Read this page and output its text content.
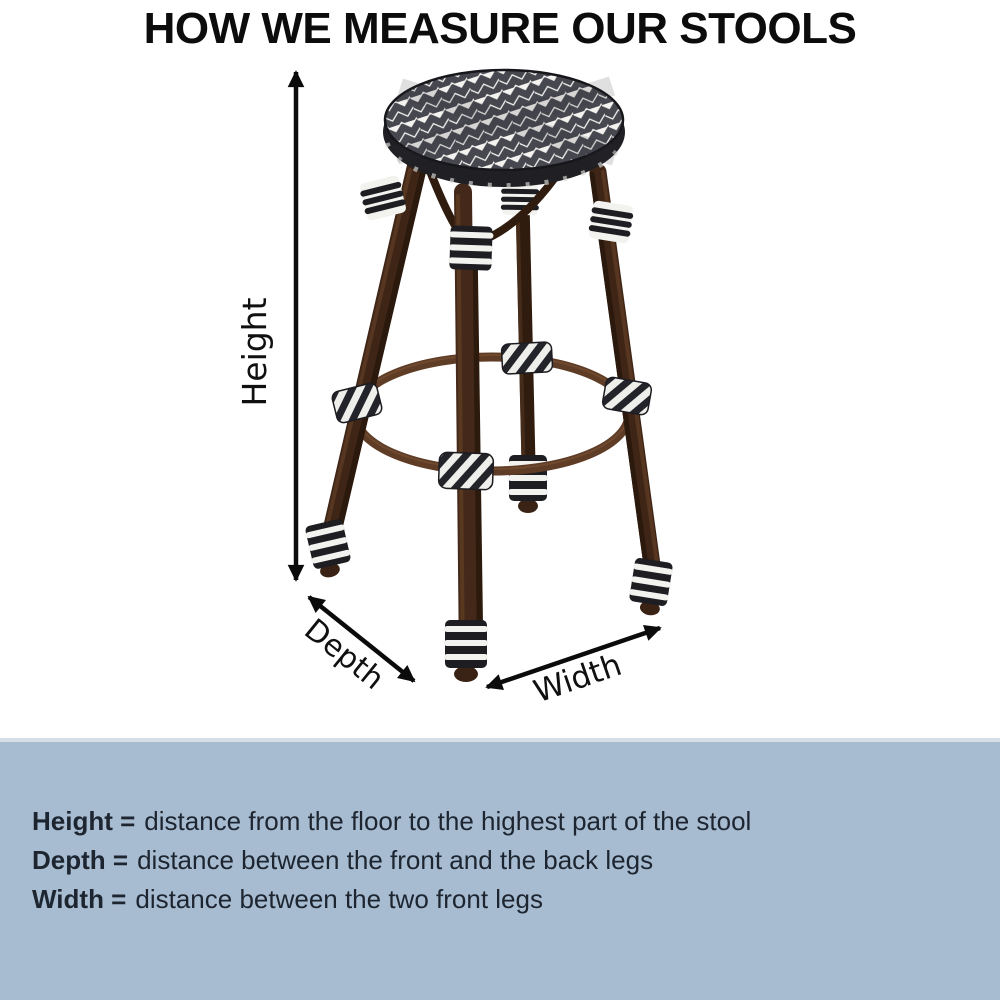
HOW WE MEASURE OUR STOOLS
Height
Depth	Width
Height = distance from the floor to the highest part of the stool
Depth = distance between the front and the back legs
Width = distance between the two front legs
